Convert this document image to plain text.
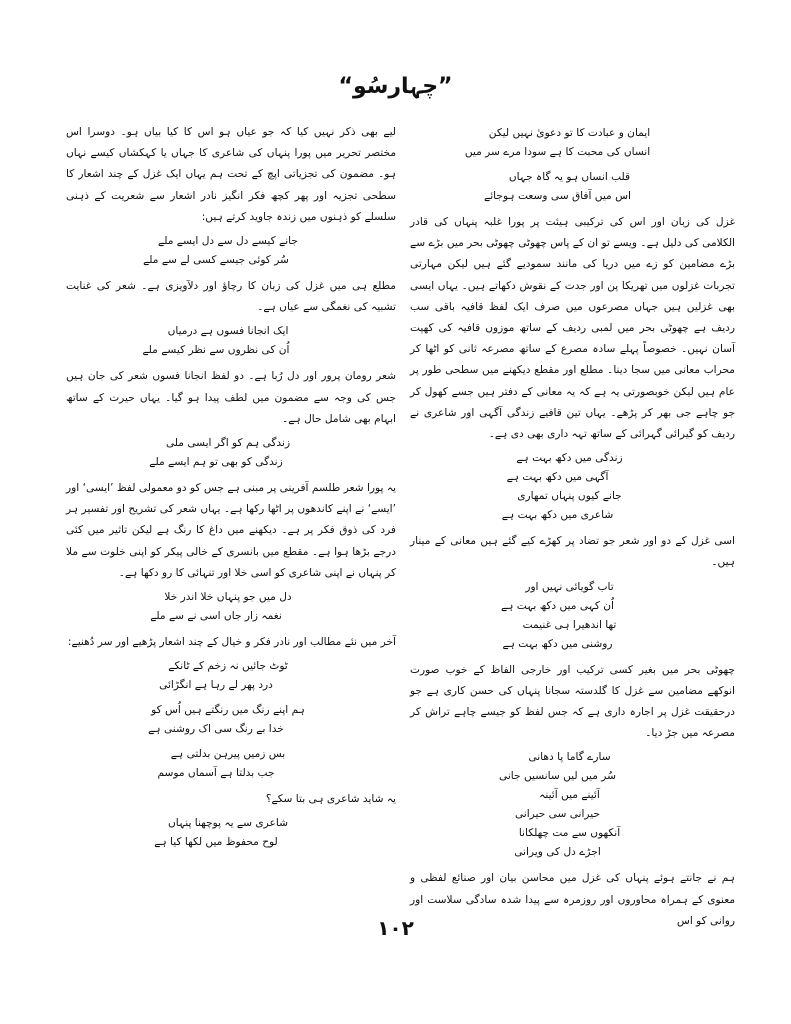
”چہارسُو“
ایمان و عبادت کا تو دعویٰ نہیں لیکن
انساں کی محبت کا ہے سودا مرے سر میں
قلب انساں ہو یہ گاہ جہاں
اس میں آفاق سی وسعت ہوجائے

غزل کی زبان اور اس کی ترکیبی ہیئت پر پورا غلبہ پنہاں کی قادر الکلامی کی دلیل ہے۔ ویسے تو ان کے پاس چھوٹی چھوٹی بحر میں بڑے سے بڑے مضامین کو زے میں دریا کی مانند سمودیے گئے ہیں لیکن مہارتی تجربات غزلوں میں تھریکا پن اور جدت کے نقوش دکھاتے ہیں۔ یہاں ایسی بھی غزلیں ہیں جہاں مصرعوں میں صرف ایک لفظ قافیہ باقی سب ردیف ہے چھوٹی بحر میں لمبی ردیف کے ساتھ موزوں قافیہ کی کھپت آسان نہیں۔ خصوصاً پہلے سادہ مصرع کے ساتھ مصرعہ ثانی کو اٹھا کر محراب معانی میں سجا دینا۔ مطلع اور مقطع دیکھنے میں سطحی طور پر عام ہیں لیکن خوبصورتی یہ ہے کہ یہ معانی کے دفتر ہیں جسے کھول کر جو چاہے جی بھر کر پڑھے۔ یہاں تین قافیے زندگی آگہی اور شاعری نے ردیف کو گیرائی گہرائی کے ساتھ تہہ داری بھی دی ہے۔

زندگی میں دکھ بہت ہے
آگہی میں دکھ بہت ہے
جانے کیوں پنہاں تمھاری
شاعری میں دکھ بہت ہے

اسی غزل کے دو اور شعر جو تضاد پر کھڑے کیے گئے ہیں معانی کے مینار ہیں۔

تاب گویائی نہیں اور
اُن کہی میں دکھ بہت ہے
تھا اندھیرا ہی غنیمت
روشنی میں دکھ بہت ہے

چھوٹی بحر میں بغیر کسی ترکیب اور خارجی الفاظ کے خوب صورت انوکھے مضامین سے غزل کا گلدستہ سجانا پنہاں کی حسن کاری ہے جو درحقیقت غزل پر اجارہ داری ہے کہ جس لفظ کو جیسے چاہے تراش کر مصرعہ میں جڑ دیا۔

سارے گاما پا دھانی
سُر میں لیں سانسیں جانی
آئینے میں آئینہ
حیرانی سی حیرانی
آنکھوں سے مت چھلکانا
اجڑے دل کی ویرانی

ہم نے جانتے ہوئے پنہاں کی غزل میں محاسن بیان اور صنائع لفظی و معنوی کے ہمراہ محاوروں اور روزمرہ سے پیدا شدہ سادگی سلاست اور روانی کو اس

لیے بھی ذکر نہیں کیا کہ جو عیاں ہو اس کا کیا بیاں ہو۔ دوسرا اس مختصر تحریر میں پورا پنہاں کی شاعری کا جہاں یا کہکشاں کیسے نہاں ہو۔ مضمون کی تجزیاتی اپچ کے تحت ہم یہاں ایک غزل کے چند اشعار کا سطحی تجزیہ اور پھر کچھ فکر انگیز نادر اشعار سے شعریت کے ذہنی سلسلے کو ذہنوں میں زندہ جاوید کرتے ہیں:

جانے کیسے دل سے دل ایسے ملے
سُر کوئی جیسے کسی لے سے ملے

مطلع ہی میں غزل کی زبان کا رچاؤ اور دلآویزی ہے۔ شعر کی غنایت تشبیہ کی نغمگی سے عیاں ہے۔

ایک انجانا فسوں ہے درمیاں
اُن کی نظروں سے نظر کیسے ملے

شعر رومان پرور اور دل رُبا ہے۔ دو لفظ انجانا فسوں شعر کی جان ہیں جس کی وجہ سے مضمون میں لطف پیدا ہو گیا۔ یہاں حیرت کے ساتھ ابہام بھی شامل حال ہے۔

زندگی ہم کو اگر ایسی ملی
زندگی کو بھی تو ہم ایسے ملے

یہ پورا شعر طلسم آفرینی پر مبنی ہے جس کو دو معمولی لفظ ’ایسی‘ اور ’ایسے‘ نے اپنے کاندھوں پر اٹھا رکھا ہے۔ یہاں شعر کی تشریح اور تفسیر ہر فرد کی ذوق فکر پر ہے۔ دیکھنے میں داغ کا رنگ ہے لیکن تاثیر میں کئی درجے بڑھا ہوا ہے۔ مقطع میں بانسری کے خالی پیکر کو اپنی خلوت سے ملا کر پنہاں نے اپنی شاعری کو اسی خلا اور تنہائی کا رو دکھا ہے۔

دل میں جو پنہاں خلا اندر خلا
نغمہ زار جاں اسی نے سے ملے

آخر میں نئے مطالب اور نادر فکر و خیال کے چند اشعار پڑھیے اور سر دُھنیے:

ٹوٹ جائیں نہ زخم کے ٹانکے
درد پھر لے رہا ہے انگڑائی
ہم اپنے رنگ میں رنگتے ہیں اُس کو
خدا بے رنگ سی اک روشنی ہے
بس زمیں پیرہن بدلتی ہے
جب بدلتا ہے آسماں موسم

یہ شاید شاعری ہی بتا سکے؟

شاعری سے یہ پوچھنا پنہاں
لوح محفوظ میں لکھا کیا ہے
۱۰۲
